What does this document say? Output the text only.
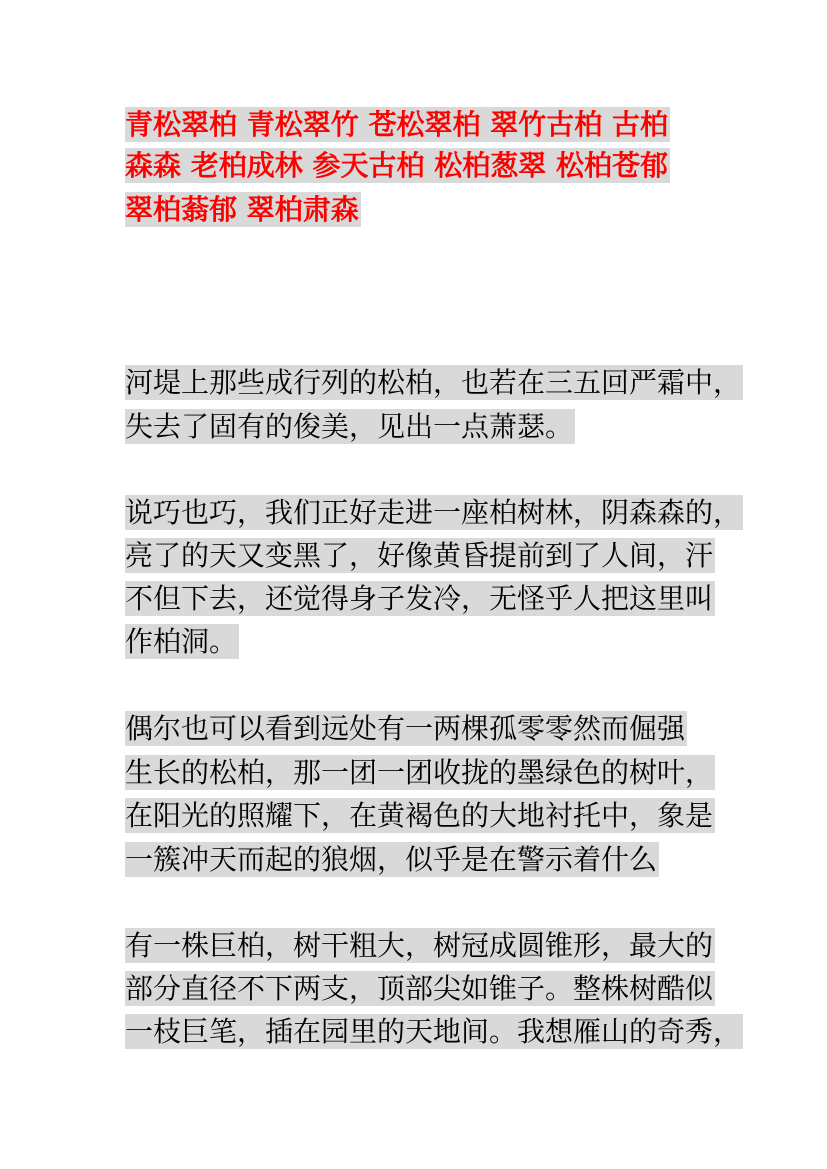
青松翠柏 青松翠竹 苍松翠柏 翠竹古柏 古柏
森森 老柏成林 参天古柏 松柏葱翠 松柏苍郁
翠柏蓊郁 翠柏肃森
河堤上那些成行列的松柏，也若在三五回严霜中，
失去了固有的俊美，见出一点萧瑟。
说巧也巧，我们正好走进一座柏树林，阴森森的，
亮了的天又变黑了，好像黄昏提前到了人间，汗
不但下去，还觉得身子发冷，无怪乎人把这里叫
作柏洞。
偶尔也可以看到远处有一两棵孤零零然而倔强
生长的松柏，那一团一团收拢的墨绿色的树叶，
在阳光的照耀下，在黄褐色的大地衬托中，象是
一簇冲天而起的狼烟，似乎是在警示着什么
有一株巨柏，树干粗大，树冠成圆锥形，最大的
部分直径不下两支，顶部尖如锥子。整株树酷似
一枝巨笔，插在园里的天地间。我想雁山的奇秀，
